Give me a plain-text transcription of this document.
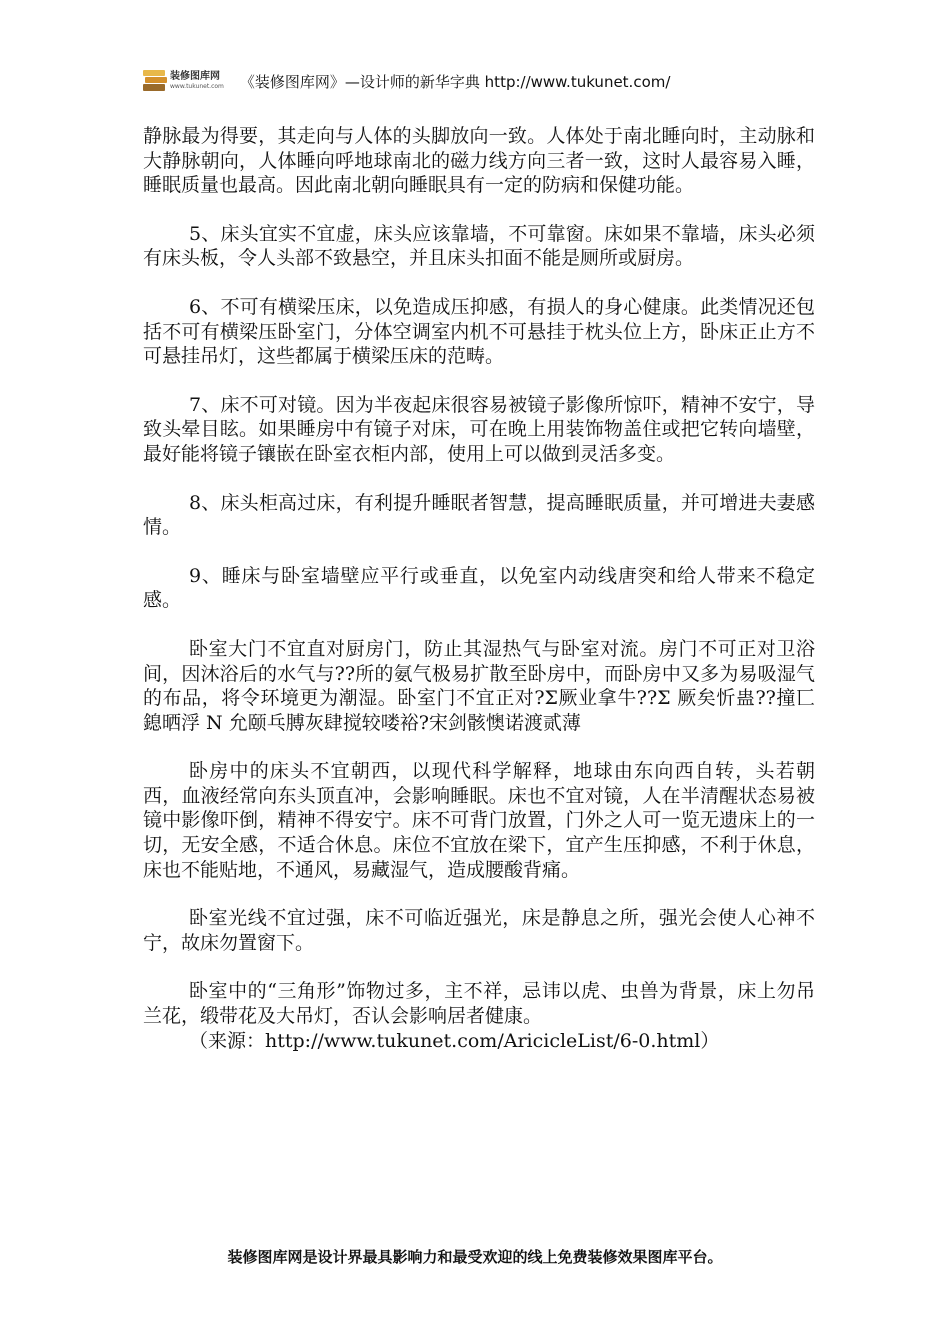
装修图库网
www.tukunet.com 《装修图库网》—设计师的新华字典 http://www.tukunet.com/

静脉最为得要，其走向与人体的头脚放向一致。人体处于南北睡向时，主动脉和大静脉朝向，人体睡向呼地球南北的磁力线方向三者一致，这时人最容易入睡，睡眠质量也最高。因此南北朝向睡眠具有一定的防病和保健功能。

5、床头宜实不宜虚，床头应该靠墙，不可靠窗。床如果不靠墙，床头必须有床头板，令人头部不致悬空，并且床头扣面不能是厕所或厨房。

6、不可有横梁压床，以免造成压抑感，有损人的身心健康。此类情况还包括不可有横梁压卧室门，分体空调室内机不可悬挂于枕头位上方，卧床正止方不可悬挂吊灯，这些都属于横梁压床的范畴。

7、床不可对镜。因为半夜起床很容易被镜子影像所惊吓，精神不安宁，导致头晕目眩。如果睡房中有镜子对床，可在晚上用装饰物盖住或把它转向墙壁，最好能将镜子镶嵌在卧室衣柜内部，使用上可以做到灵活多变。

8、床头柜高过床，有利提升睡眠者智慧，提高睡眠质量，并可增进夫妻感情。

9、睡床与卧室墙壁应平行或垂直，以免室内动线唐突和给人带来不稳定感。

卧室大门不宜直对厨房门，防止其湿热气与卧室对流。房门不可正对卫浴间，因沐浴后的水气与??所的氨气极易扩散至卧房中，而卧房中又多为易吸湿气的布品，将令环境更为潮湿。卧室门不宜正对?Σ厥业拿牛??Σ 厥矣忻蛊??撞匸鎴晒浮 N 允颐乓膊灰肆搅较喽裕?宋剑骸懊诺渡贰薄

卧房中的床头不宜朝西，以现代科学解释，地球由东向西自转，头若朝西，血液经常向东头顶直冲，会影响睡眠。床也不宜对镜，人在半清醒状态易被镜中影像吓倒，精神不得安宁。床不可背门放置，门外之人可一览无遗床上的一切，无安全感，不适合休息。床位不宜放在梁下，宜产生压抑感，不利于休息，床也不能贴地，不通风，易藏湿气，造成腰酸背痛。

卧室光线不宜过强，床不可临近强光，床是静息之所，强光会使人心神不宁，故床勿置窗下。

卧室中的“三角形”饰物过多，主不祥，忌讳以虎、虫兽为背景，床上勿吊兰花，缎带花及大吊灯，否认会影响居者健康。

（来源：http://www.tukunet.com/AricicleList/6-0.html）

装修图库网是设计界最具影响力和最受欢迎的线上免费装修效果图库平台。
